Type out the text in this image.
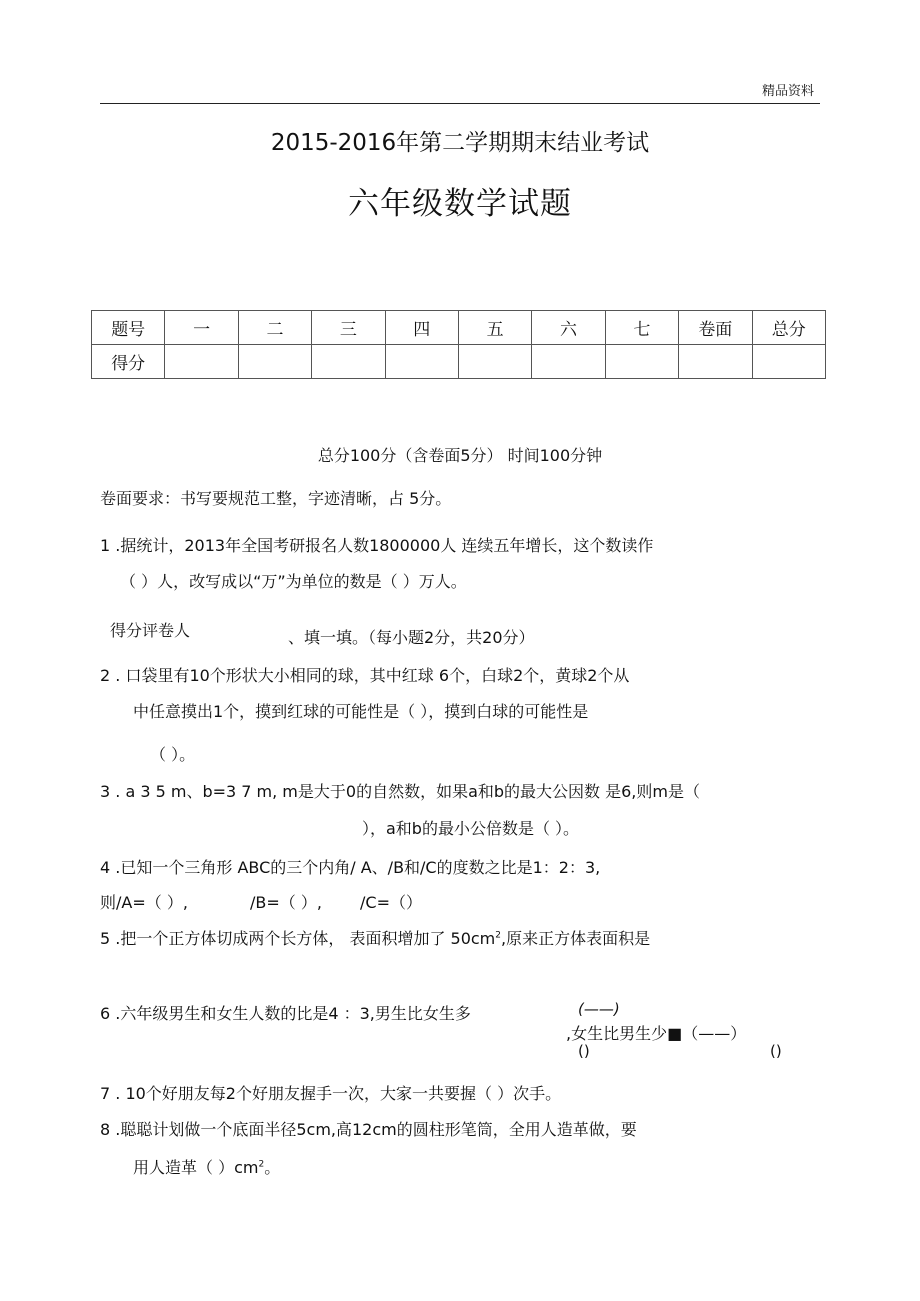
精品资料
2015-2016年第二学期期末结业考试
六年级数学试题
题号	一	二	三	四	五	六	七	卷面	总分
得分									
总分100分（含卷面5分） 时间100分钟
卷面要求：书写要规范工整，字迹清晰，占 5分。
1 .据统计，2013年全国考研报名人数1800000人 连续五年增长，这个数读作
（ ）人，改写成以“万”为单位的数是（ ）万人。
得分评卷人	、填一填。（每小题2分，共20分）
2 . 口袋里有10个形状大小相同的球，其中红球 6个，白球2个，黄球2个从
中任意摸出1个，摸到红球的可能性是（ ），摸到白球的可能性是
（ ）。
3 . a 3 5 m、b=3 7 m, m是大于0的自然数，如果a和b的最大公因数 是6,则m是（
），a和b的最小公倍数是（ ）。
4 .已知一个三角形 ABC的三个内角/ A、/B和/C的度数之比是1：2：3,
则/A=（ ）,	/B=（ ）, /C=（）
5 .把一个正方体切成两个长方体， 表面积增加了 $50cm^2$,原来正方体表面积是
6 .六年级男生和女生人数的比是4 ：3,男生比女生多	(——)
,女生比男生少■（——）
()	()
7 . 10个好朋友每2个好朋友握手一次，大家一共要握（ ）次手。
8 .聪聪计划做一个底面半径5cm,高12cm的圆柱形笔筒，全用人造革做，要
用人造革（ ）$cm^2$。
